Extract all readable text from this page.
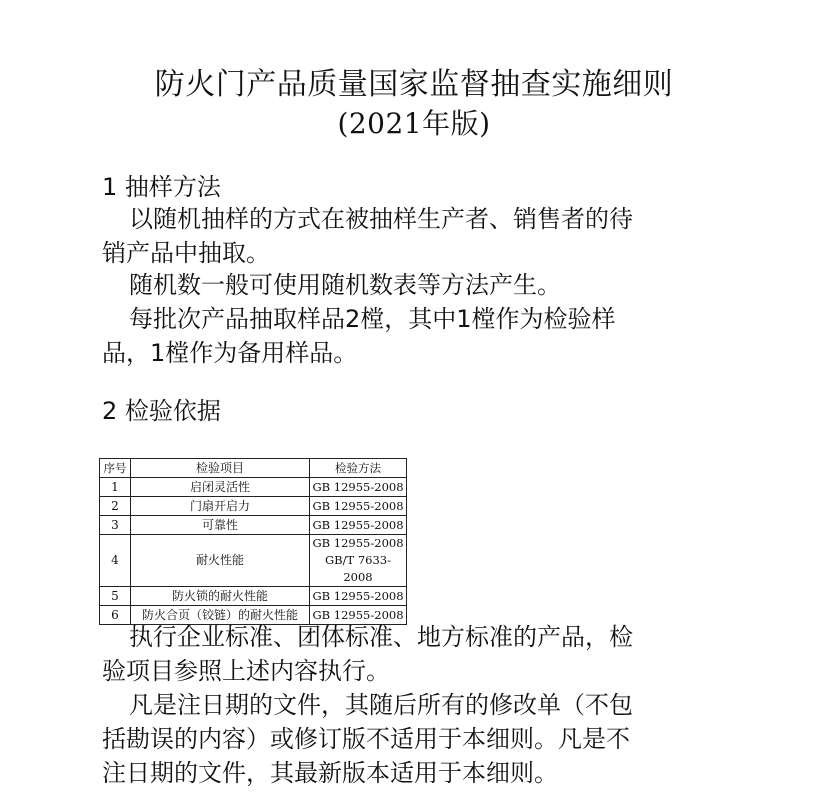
防火门产品质量国家监督抽查实施细则
(2021年版)
1 抽样方法
以随机抽样的方式在被抽样生产者、销售者的待
销产品中抽取。
随机数一般可使用随机数表等方法产生。
每批次产品抽取样品2樘，其中1樘作为检验样
品，1樘作为备用样品。
2 检验依据
序号	检验项目	检验方法
1	启闭灵活性	GB 12955-2008
2	门扇开启力	GB 12955-2008
3	可靠性	GB 12955-2008
4	耐火性能	GB 12955-2008
GB/T 7633-2008

5	防火锁的耐火性能	GB 12955-2008
6	防火合页（铰链）的耐火性能	GB 12955-2008
执行企业标准、团体标准、地方标准的产品，检
验项目参照上述内容执行。
凡是注日期的文件，其随后所有的修改单（不包
括勘误的内容）或修订版不适用于本细则。凡是不
注日期的文件，其最新版本适用于本细则。
